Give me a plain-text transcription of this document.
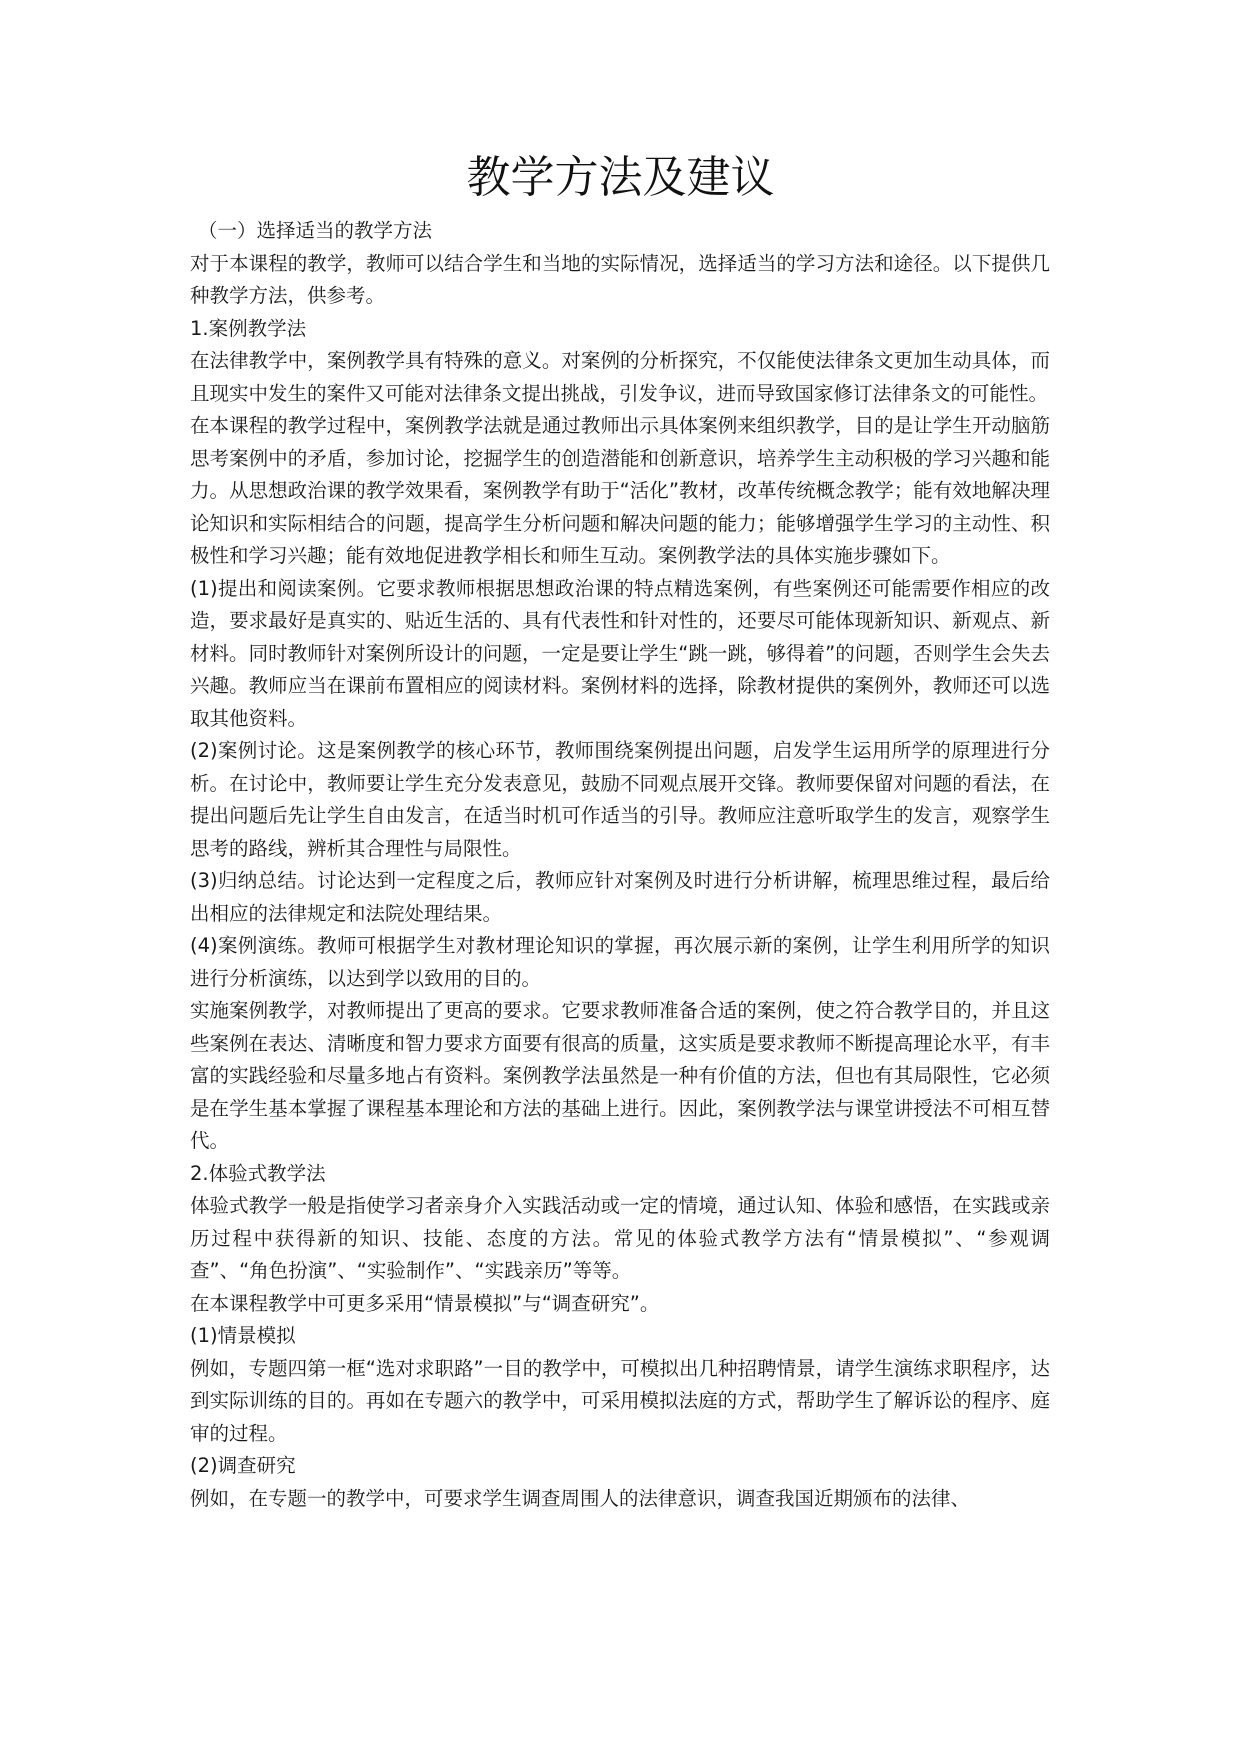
教学方法及建议

（一）选择适当的教学方法

对于本课程的教学，教师可以结合学生和当地的实际情况，选择适当的学习方法和途径。以下提供几种教学方法，供参考。

1.案例教学法

在法律教学中，案例教学具有特殊的意义。对案例的分析探究，不仅能使法律条文更加生动具体，而且现实中发生的案件又可能对法律条文提出挑战，引发争议，进而导致国家修订法律条文的可能性。

在本课程的教学过程中，案例教学法就是通过教师出示具体案例来组织教学，目的是让学生开动脑筋思考案例中的矛盾，参加讨论，挖掘学生的创造潜能和创新意识，培养学生主动积极的学习兴趣和能力。从思想政治课的教学效果看，案例教学有助于“活化”教材，改革传统概念教学；能有效地解决理论知识和实际相结合的问题，提高学生分析问题和解决问题的能力；能够增强学生学习的主动性、积极性和学习兴趣；能有效地促进教学相长和师生互动。案例教学法的具体实施步骤如下。

(1)提出和阅读案例。它要求教师根据思想政治课的特点精选案例，有些案例还可能需要作相应的改造，要求最好是真实的、贴近生活的、具有代表性和针对性的，还要尽可能体现新知识、新观点、新材料。同时教师针对案例所设计的问题，一定是要让学生“跳一跳，够得着”的问题，否则学生会失去兴趣。教师应当在课前布置相应的阅读材料。案例材料的选择，除教材提供的案例外，教师还可以选取其他资料。

(2)案例讨论。这是案例教学的核心环节，教师围绕案例提出问题，启发学生运用所学的原理进行分析。在讨论中，教师要让学生充分发表意见，鼓励不同观点展开交锋。教师要保留对问题的看法，在提出问题后先让学生自由发言，在适当时机可作适当的引导。教师应注意听取学生的发言，观察学生思考的路线，辨析其合理性与局限性。

(3)归纳总结。讨论达到一定程度之后，教师应针对案例及时进行分析讲解，梳理思维过程，最后给出相应的法律规定和法院处理结果。

(4)案例演练。教师可根据学生对教材理论知识的掌握，再次展示新的案例，让学生利用所学的知识进行分析演练，以达到学以致用的目的。

实施案例教学，对教师提出了更高的要求。它要求教师准备合适的案例，使之符合教学目的，并且这些案例在表达、清晰度和智力要求方面要有很高的质量，这实质是要求教师不断提高理论水平，有丰富的实践经验和尽量多地占有资料。案例教学法虽然是一种有价值的方法，但也有其局限性，它必须是在学生基本掌握了课程基本理论和方法的基础上进行。因此，案例教学法与课堂讲授法不可相互替代。

2.体验式教学法

体验式教学一般是指使学习者亲身介入实践活动或一定的情境，通过认知、体验和感悟，在实践或亲历过程中获得新的知识、技能、态度的方法。常见的体验式教学方法有“情景模拟”、“参观调查”、“角色扮演”、“实验制作”、“实践亲历”等等。

在本课程教学中可更多采用“情景模拟”与“调查研究”。

(1)情景模拟

例如，专题四第一框“选对求职路”一目的教学中，可模拟出几种招聘情景，请学生演练求职程序，达到实际训练的目的。再如在专题六的教学中，可采用模拟法庭的方式，帮助学生了解诉讼的程序、庭审的过程。

(2)调查研究

例如，在专题一的教学中，可要求学生调查周围人的法律意识，调查我国近期颁布的法律、
